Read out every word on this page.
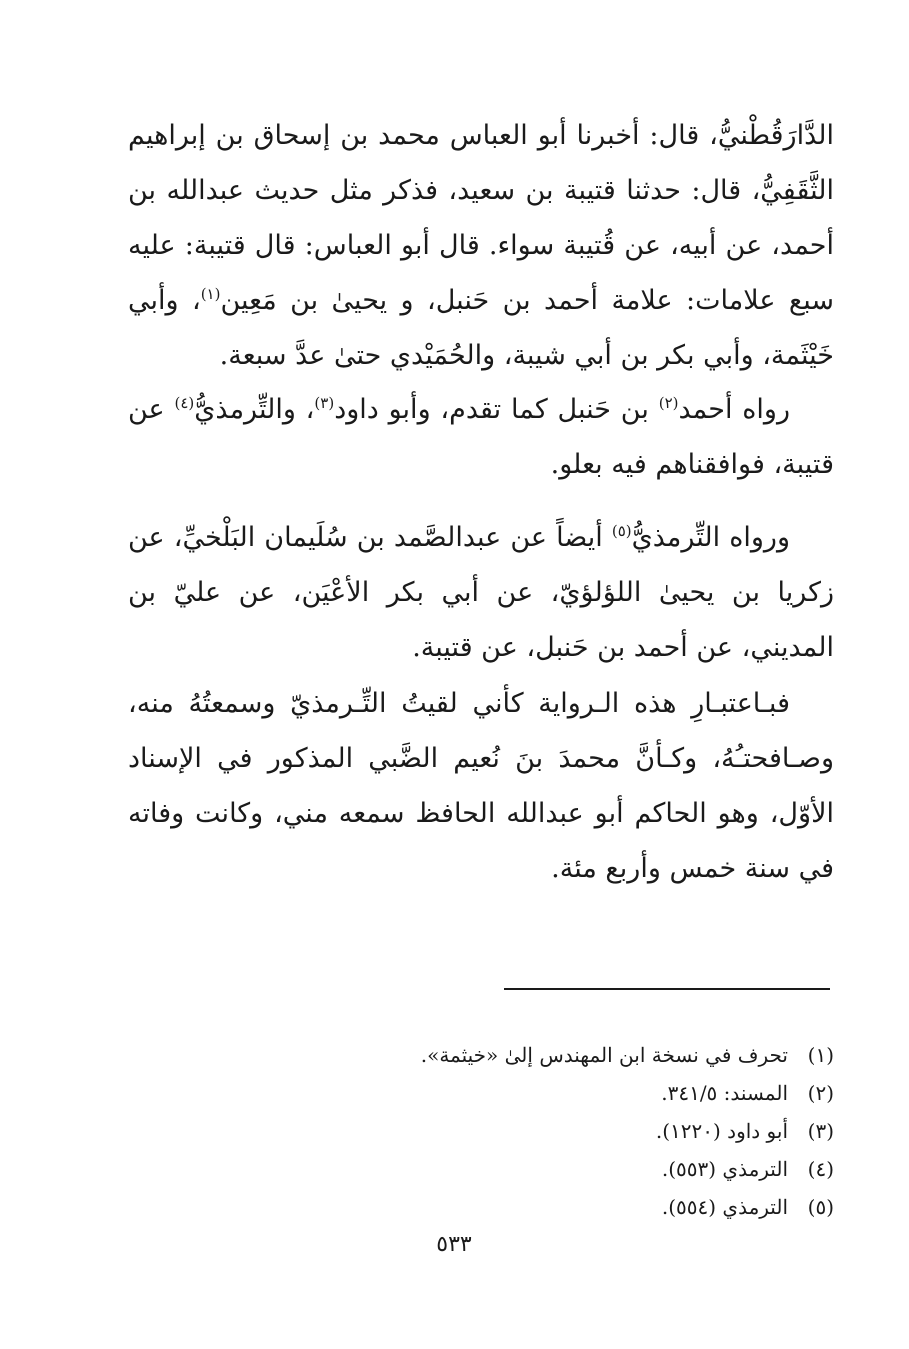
الدَّارَقُطْنيُّ، قال: أخبرنا أبو العباس محمد بن إسحاق بن إبراهيم الثَّقَفِيُّ، قال: حدثنا قتيبة بن سعيد، فذكر مثل حديث عبدالله بن أحمد، عن أبيه، عن قُتيبة سواء. قال أبو العباس: قال قتيبة: عليه سبع علامات: علامة أحمد بن حَنبل، و يحيىٰ بن مَعِين$^{(١)}$، وأبي خَيْثَمة، وأبي بكر بن أبي شيبة، والحُمَيْدي حتىٰ عدَّ سبعة.

رواه أحمد$^{(٢)}$ بن حَنبل كما تقدم، وأبو داود$^{(٣)}$، والتِّرمذيُّ$^{(٤)}$ عن قتيبة، فوافقناهم فيه بعلو.

ورواه التِّرمذيُّ$^{(٥)}$ أيضاً عن عبدالصَّمد بن سُلَيمان البَلْخيِّ، عن زكريا بن يحيىٰ اللؤلؤيّ، عن أبي بكر الأعْيَن، عن عليّ بن المديني، عن أحمد بن حَنبل، عن قتيبة.

فبـاعتبـارِ هذه الـرواية كأني لقيتُ التِّـرمذيّ وسمعتُهُ منه، وصـافحتـُهُ، وكـأنَّ محمدَ بنَ نُعيم الضَّبي المذكور في الإسناد الأوّل، وهو الحاكم أبو عبدالله الحافظ سمعه مني، وكانت وفاته في سنة خمس وأربع مئة.

(١)تحرف في نسخة ابن المهندس إلىٰ «خيثمة».
(٢)المسند: ٣٤١/٥.
(٣)أبو داود (١٢٢٠).
(٤)الترمذي (٥٥٣).
(٥)الترمذي (٥٥٤).
٥٣٣
